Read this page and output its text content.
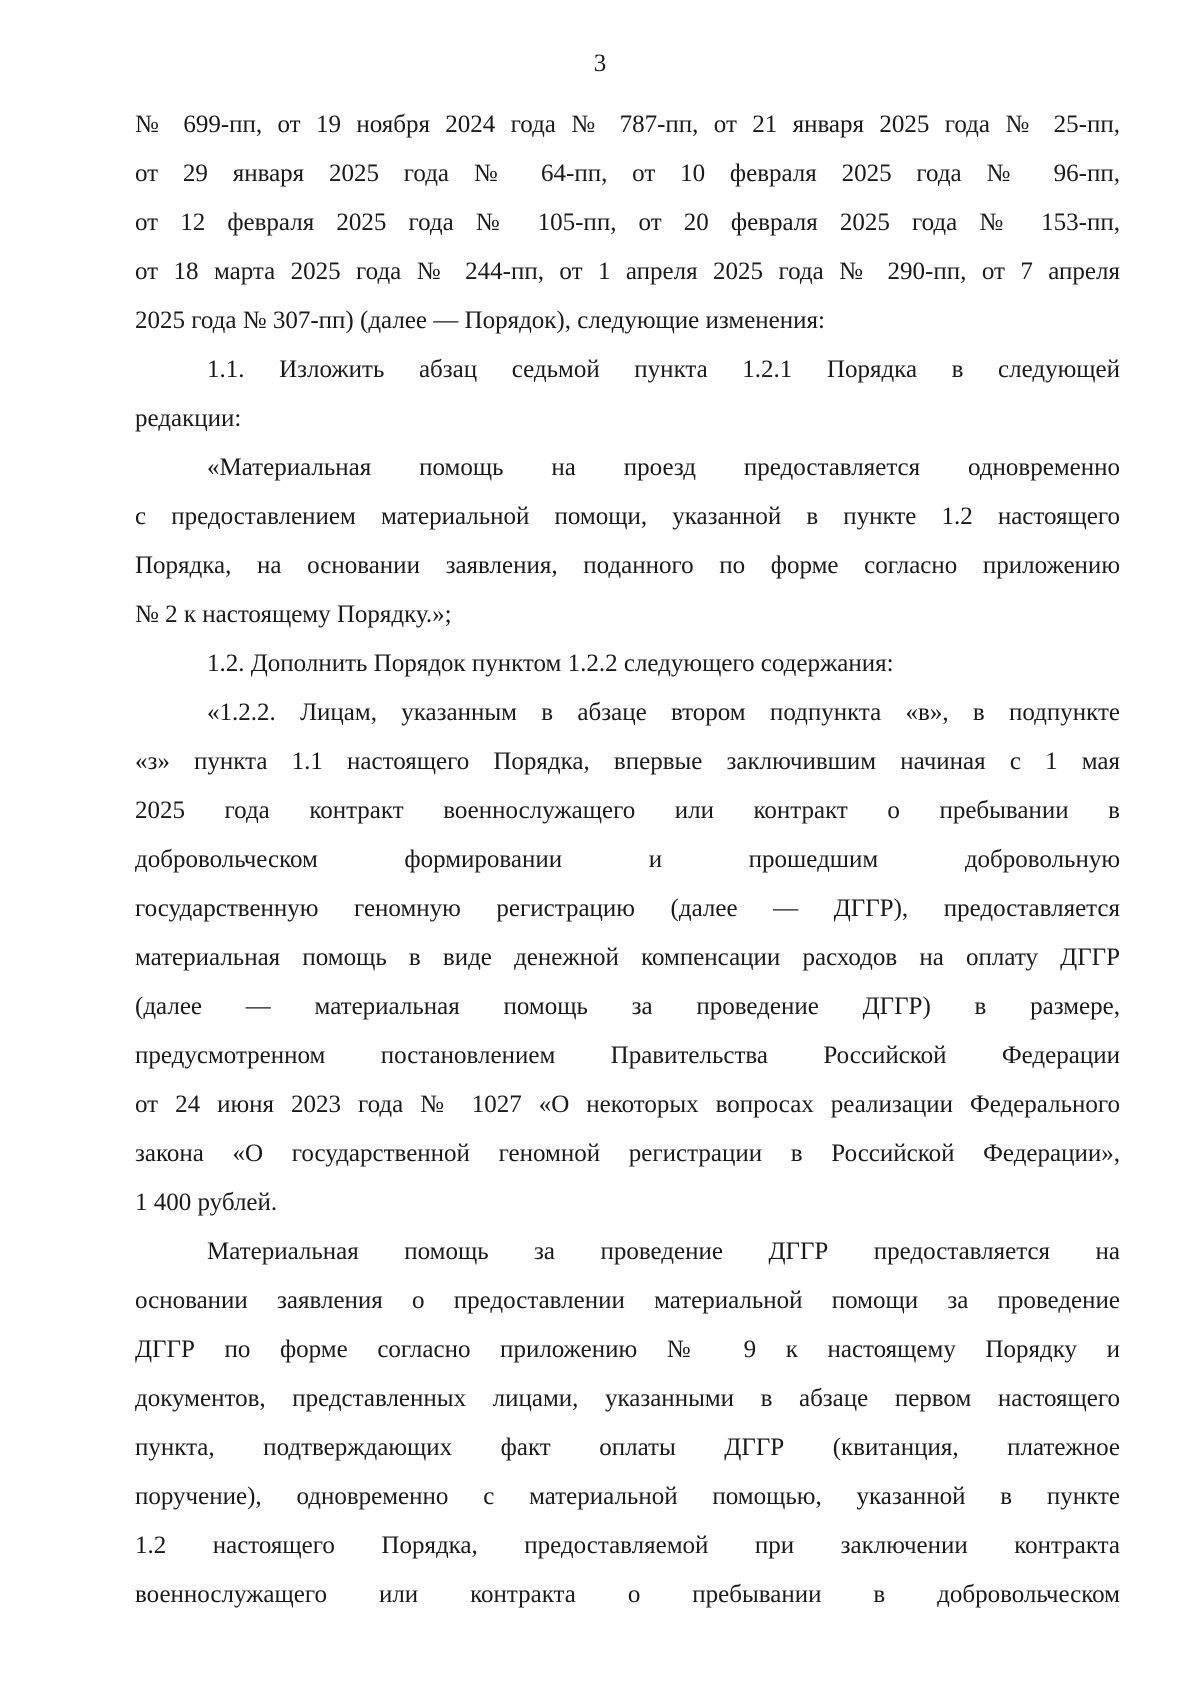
3
№ 699-пп, от 19 ноября 2024 года № 787-пп, от 21 января 2025 года № 25-пп,
от 29 января 2025 года № 64-пп, от 10 февраля 2025 года № 96-пп,
от 12 февраля 2025 года № 105-пп, от 20 февраля 2025 года № 153-пп,
от 18 марта 2025 года № 244-пп, от 1 апреля 2025 года № 290-пп, от 7 апреля
2025 года № 307-пп) (далее — Порядок), следующие изменения:
1.1. Изложить абзац седьмой пункта 1.2.1 Порядка в следующей
редакции:
«Материальная помощь на проезд предоставляется одновременно
с предоставлением материальной помощи, указанной в пункте 1.2 настоящего
Порядка, на основании заявления, поданного по форме согласно приложению
№ 2 к настоящему Порядку.»;
1.2. Дополнить Порядок пунктом 1.2.2 следующего содержания:
«1.2.2. Лицам, указанным в абзаце втором подпункта «в», в подпункте
«з» пункта 1.1 настоящего Порядка, впервые заключившим начиная с 1 мая
2025 года контракт военнослужащего или контракт о пребывании в
добровольческом формировании и прошедшим добровольную
государственную геномную регистрацию (далее — ДГГР), предоставляется
материальная помощь в виде денежной компенсации расходов на оплату ДГГР
(далее — материальная помощь за проведение ДГГР) в размере,
предусмотренном постановлением Правительства Российской Федерации
от 24 июня 2023 года № 1027 «О некоторых вопросах реализации Федерального
закона «О государственной геномной регистрации в Российской Федерации»,
1 400 рублей.
Материальная помощь за проведение ДГГР предоставляется на
основании заявления о предоставлении материальной помощи за проведение
ДГГР по форме согласно приложению № 9 к настоящему Порядку и
документов, представленных лицами, указанными в абзаце первом настоящего
пункта, подтверждающих факт оплаты ДГГР (квитанция, платежное
поручение), одновременно с материальной помощью, указанной в пункте
1.2 настоящего Порядка, предоставляемой при заключении контракта
военнослужащего или контракта о пребывании в добровольческом
